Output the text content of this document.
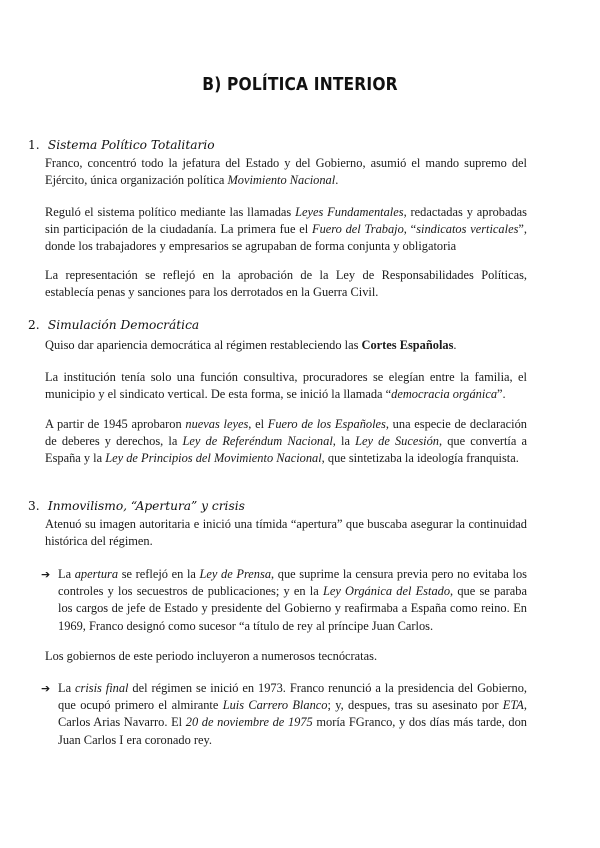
B) POLÍTICA INTERIOR
1. Sistema Político Totalitario
Franco, concentró todo la jefatura del Estado y del Gobierno, asumió el mando supremo del Ejército, única organización política Movimiento Nacional.
Reguló el sistema político mediante las llamadas Leyes Fundamentales, redactadas y aprobadas sin participación de la ciudadanía. La primera fue el Fuero del Trabajo, “sindicatos verticales”, donde los trabajadores y empresarios se agrupaban de forma conjunta y obligatoria
La representación se reflejó en la aprobación de la Ley de Responsabilidades Políticas, establecía penas y sanciones para los derrotados en la Guerra Civil.
2. Simulación Democrática
Quiso dar apariencia democrática al régimen restableciendo las Cortes Españolas.
La institución tenía solo una función consultiva, procuradores se elegían entre la familia, el municipio y el sindicato vertical. De esta forma, se inició la llamada “democracia orgánica”.
A partir de 1945 aprobaron nuevas leyes, el Fuero de los Españoles, una especie de declaración de deberes y derechos, la Ley de Referéndum Nacional, la Ley de Sucesión, que convertía a España y la Ley de Principios del Movimiento Nacional, que sintetizaba la ideología franquista.
3. Inmovilismo, “Apertura” y crisis
Atenuó su imagen autoritaria e inició una tímida “apertura” que buscaba asegurar la continuidad histórica del régimen.
➔ La apertura se reflejó en la Ley de Prensa, que suprime la censura previa pero no evitaba los controles y los secuestros de publicaciones; y en la Ley Orgánica del Estado, que se paraba los cargos de jefe de Estado y presidente del Gobierno y reafirmaba a España como reino. En 1969, Franco designó como sucesor “a título de rey al príncipe Juan Carlos.
Los gobiernos de este periodo incluyeron a numerosos tecnócratas.
➔ La crisis final del régimen se inició en 1973. Franco renunció a la presidencia del Gobierno, que ocupó primero el almirante Luis Carrero Blanco; y, despues, tras su asesinato por ETA, Carlos Arias Navarro. El 20 de noviembre de 1975 moría FGranco, y dos días más tarde, don Juan Carlos I era coronado rey.
